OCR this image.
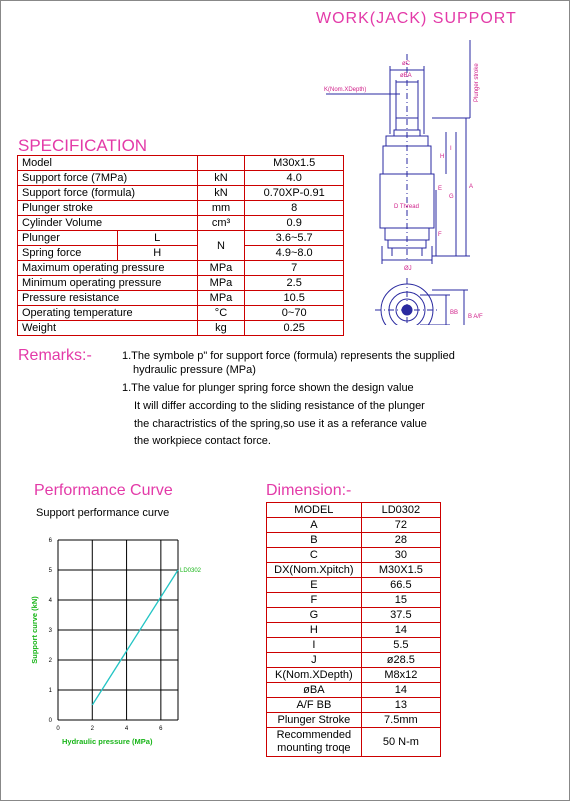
WORK(JACK) SUPPORT
øC
øBA
K(Nom.XDepth)
H
I
E
G
A
F
D Thread
ØJ
BB
B A/F
Plunger stroke
SPECIFICATION
Model			M30x1.5
Support force (7MPa)		kN	4.0
Support force (formula)		kN	0.70XP-0.91
Plunger stroke		mm	8
Cylinder Volume		cm³	0.9
Plunger	L	N	3.6~5.7
Spring force	H		4.9~8.0
Maximum operating pressure		MPa	7
Minimum operating pressure		MPa	2.5
Pressure resistance		MPa	10.5
Operating temperature		°C	0~70
Weight		kg	0.25
Remarks:-	1.The symbole p" for support force (formula) represents the supplied
hydraulic pressure (MPa)
1.The value for plunger spring force shown the design value
It will differ according to the sliding resistance of the plunger
the charactristics of the spring,so use it as a referance value
the workpiece contact force.
Performance Curve
Support performance curve
0
1
2
3
4
5
6
0	2	4	6
LD0302
Hydraulic pressure (MPa)
Support curve (kN)
Dimension:-
MODEL	LD0302
A	72
B	28
C	30
DX(Nom.Xpitch)	M30X1.5
E	66.5
F	15
G	37.5
H	14
I	5.5
J	ø28.5
K(Nom.XDepth)	M8x12
øBA	14
A/F BB	13
Plunger Stroke	7.5mm
Recommended
mounting troqe	50 N-m
